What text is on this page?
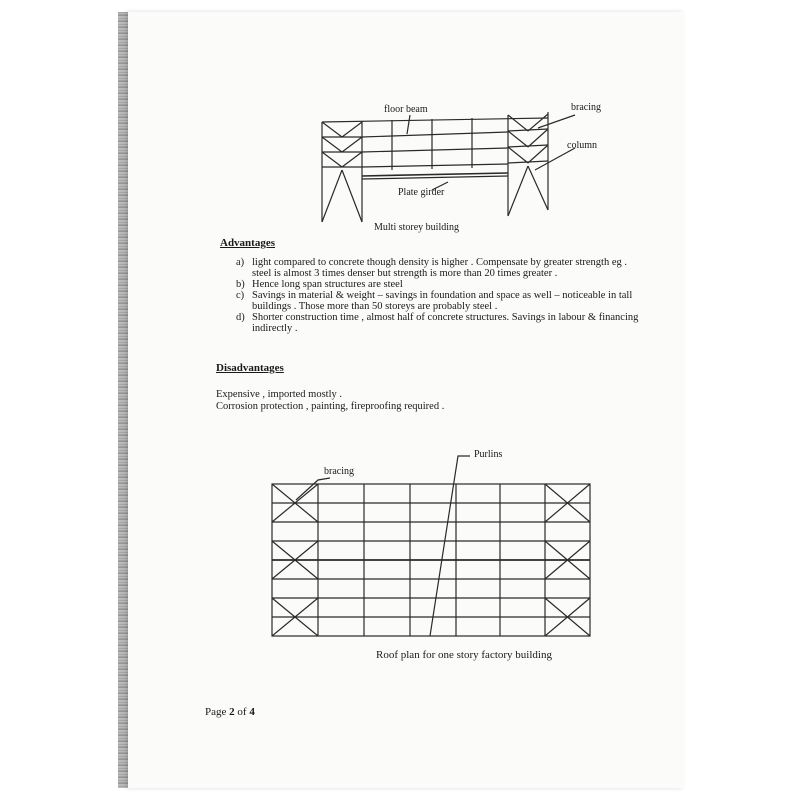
floor beam	bracing
column
Plate girder
Multi storey building
Advantages
a) light compared to concrete though density is higher . Compensate by greater strength eg . steel is almost 3 times denser but strength is more than 20 times greater .
b) Hence long span structures are steel
c) Savings in material & weight – savings in foundation and space as well – noticeable in tall buildings . Those more than 50 storeys are probably steel .
d) Shorter construction time , almost half of concrete structures. Savings in labour & financing indirectly .
Disadvantages
Expensive , imported mostly .
Corrosion protection , painting, fireproofing required .
Purlins
bracing
Roof plan for one story factory building
Page 2 of 4
